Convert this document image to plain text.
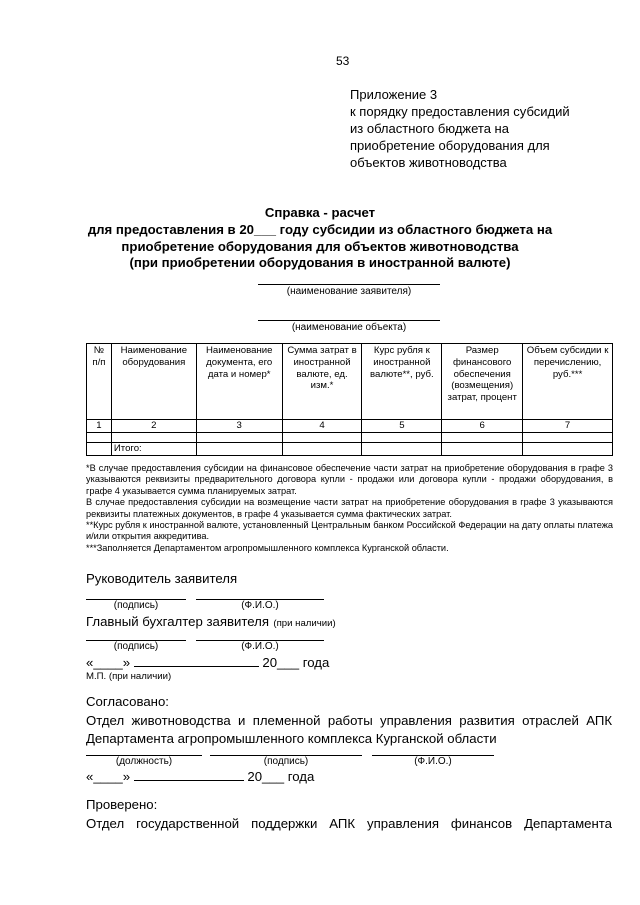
53
Приложение 3
к порядку предоставления субсидий
из областного бюджета на
приобретение оборудования для
объектов животноводства
Справка - расчет
для предоставления в 20___ году субсидии из областного бюджета на
приобретение оборудования для объектов животноводства
(при приобретении оборудования в иностранной валюте)
(наименование заявителя)
(наименование объекта)
№ п/п	Наименование оборудования	Наименование документа, его дата и номер*	Сумма затрат в иностранной валюте, ед. изм.*	Курс рубля к иностранной валюте**, руб.	Размер финансового обеспечения (возмещения) затрат, процент	Объем субсидии к перечислению, руб.***
1	2	3	4	5	6	7

	Итого:					

*В случае предоставления субсидии на финансовое обеспечение части затрат на приобретение оборудования в графе 3 указываются реквизиты предварительного договора купли - продажи или договора купли - продажи оборудования, в графе 4 указывается сумма планируемых затрат.

В случае предоставления субсидии на возмещение части затрат на приобретение оборудования в графе 3 указываются реквизиты платежных документов, в графе 4 указывается сумма фактических затрат.

**Курс рубля к иностранной валюте, установленный Центральным банком Российской Федерации на дату оплаты платежа и/или открытия аккредитива.

***Заполняется Департаментом агропромышленного комплекса Курганской области.

Руководитель заявителя
(подпись)	(Ф.И.О.)
Главный бухгалтер заявителя (при наличии)
(подпись)	(Ф.И.О.)
«____»	20___ года
М.П. (при наличии)
Согласовано:
Отдел животноводства и племенной работы управления развития отраслей АПК
Департамента агропромышленного комплекса Курганской области
(должность)	(подпись)	(Ф.И.О.)
«____»	20___ года
Проверено:
Отдел государственной поддержки АПК управления финансов Департамента
